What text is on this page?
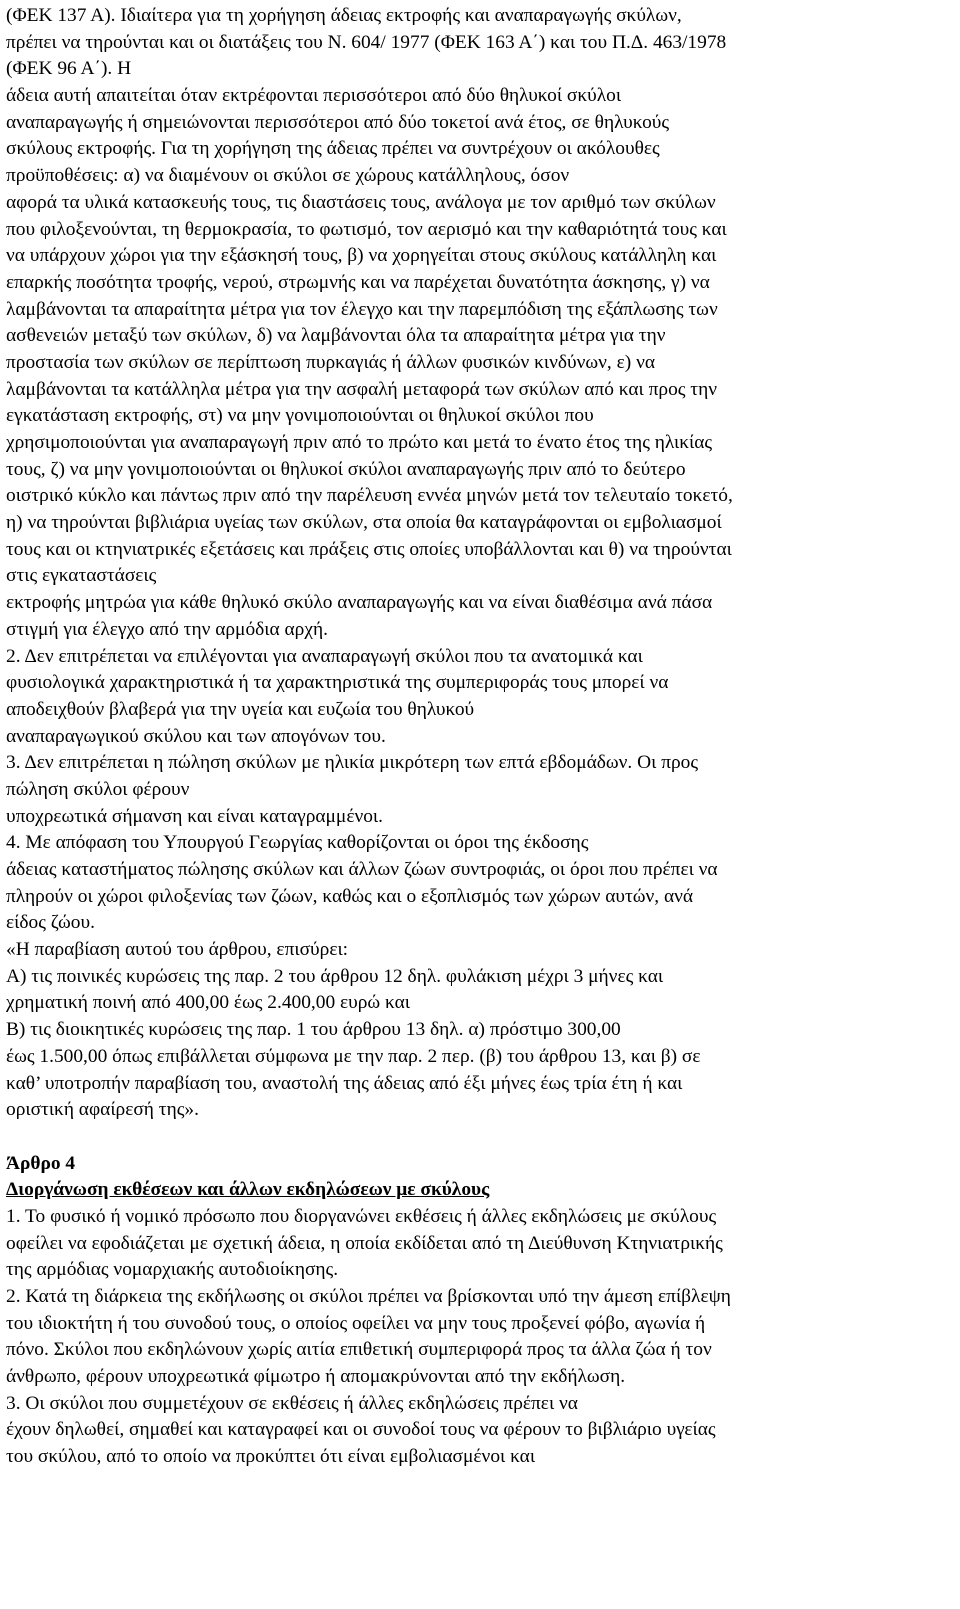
(ΦΕΚ 137 Α). Ιδιαίτερα για τη χορήγηση άδειας εκτροφής και αναπαραγωγής σκύλων,
πρέπει να τηρούνται και οι διατάξεις του Ν. 604/ 1977 (ΦΕΚ 163 Α΄) και του Π.Δ. 463/1978
(ΦΕΚ 96 Α΄). Η
άδεια αυτή απαιτείται όταν εκτρέφονται περισσότεροι από δύο θηλυκοί σκύλοι
αναπαραγωγής ή σημειώνονται περισσότεροι από δύο τοκετοί ανά έτος, σε θηλυκούς
σκύλους εκτροφής. Για τη χορήγηση της άδειας πρέπει να συντρέχουν οι ακόλουθες
προϋποθέσεις: α) να διαμένουν οι σκύλοι σε χώρους κατάλληλους, όσον
αφορά τα υλικά κατασκευής τους, τις διαστάσεις τους, ανάλογα με τον αριθμό των σκύλων
που φιλοξενούνται, τη θερμοκρασία, το φωτισμό, τον αερισμό και την καθαριότητά τους και
να υπάρχουν χώροι για την εξάσκησή τους, β) να χορηγείται στους σκύλους κατάλληλη και
επαρκής ποσότητα τροφής, νερού, στρωμνής και να παρέχεται δυνατότητα άσκησης, γ) να
λαμβάνονται τα απαραίτητα μέτρα για τον έλεγχο και την παρεμπόδιση της εξάπλωσης των
ασθενειών μεταξύ των σκύλων, δ) να λαμβάνονται όλα τα απαραίτητα μέτρα για την
προστασία των σκύλων σε περίπτωση πυρκαγιάς ή άλλων φυσικών κινδύνων, ε) να
λαμβάνονται τα κατάλληλα μέτρα για την ασφαλή μεταφορά των σκύλων από και προς την
εγκατάσταση εκτροφής, στ) να μην γονιμοποιούνται οι θηλυκοί σκύλοι που
χρησιμοποιούνται για αναπαραγωγή πριν από το πρώτο και μετά το ένατο έτος της ηλικίας
τους, ζ) να μην γονιμοποιούνται οι θηλυκοί σκύλοι αναπαραγωγής πριν από το δεύτερο
οιστρικό κύκλο και πάντως πριν από την παρέλευση εννέα μηνών μετά τον τελευταίο τοκετό,
η) να τηρούνται βιβλιάρια υγείας των σκύλων, στα οποία θα καταγράφονται οι εμβολιασμοί
τους και οι κτηνιατρικές εξετάσεις και πράξεις στις οποίες υποβάλλονται και θ) να τηρούνται
στις εγκαταστάσεις
εκτροφής μητρώα για κάθε θηλυκό σκύλο αναπαραγωγής και να είναι διαθέσιμα ανά πάσα
στιγμή για έλεγχο από την αρμόδια αρχή.
2. Δεν επιτρέπεται να επιλέγονται για αναπαραγωγή σκύλοι που τα ανατομικά και
φυσιολογικά χαρακτηριστικά ή τα χαρακτηριστικά της συμπεριφοράς τους μπορεί να
αποδειχθούν βλαβερά για την υγεία και ευζωία του θηλυκού
αναπαραγωγικού σκύλου και των απογόνων του.
3. Δεν επιτρέπεται η πώληση σκύλων με ηλικία μικρότερη των επτά εβδομάδων. Οι προς
πώληση σκύλοι φέρουν
υποχρεωτικά σήμανση και είναι καταγραμμένοι.
4. Με απόφαση του Υπουργού Γεωργίας καθορίζονται οι όροι της έκδοσης
άδειας καταστήματος πώλησης σκύλων και άλλων ζώων συντροφιάς, οι όροι που πρέπει να
πληρούν οι χώροι φιλοξενίας των ζώων, καθώς και ο εξοπλισμός των χώρων αυτών, ανά
είδος ζώου.
«Η παραβίαση αυτού του άρθρου, επισύρει:
Α) τις ποινικές κυρώσεις της παρ. 2 του άρθρου 12 δηλ. φυλάκιση μέχρι 3 μήνες και
χρηματική ποινή από 400,00 έως 2.400,00 ευρώ και
Β) τις διοικητικές κυρώσεις της παρ. 1 του άρθρου 13 δηλ. α) πρόστιμο 300,00
έως 1.500,00 όπως επιβάλλεται σύμφωνα με την παρ. 2 περ. (β) του άρθρου 13, και β) σε
καθ’ υποτροπήν παραβίαση του, αναστολή της άδειας από έξι μήνες έως τρία έτη ή και
οριστική αφαίρεσή της».
Άρθρο 4
Διοργάνωση εκθέσεων και άλλων εκδηλώσεων με σκύλους
1. Το φυσικό ή νομικό πρόσωπο που διοργανώνει εκθέσεις ή άλλες εκδηλώσεις με σκύλους
οφείλει να εφοδιάζεται με σχετική άδεια, η οποία εκδίδεται από τη Διεύθυνση Κτηνιατρικής
της αρμόδιας νομαρχιακής αυτοδιοίκησης.
2. Κατά τη διάρκεια της εκδήλωσης οι σκύλοι πρέπει να βρίσκονται υπό την άμεση επίβλεψη
του ιδιοκτήτη ή του συνοδού τους, ο οποίος οφείλει να μην τους προξενεί φόβο, αγωνία ή
πόνο. Σκύλοι που εκδηλώνουν χωρίς αιτία επιθετική συμπεριφορά προς τα άλλα ζώα ή τον
άνθρωπο, φέρουν υποχρεωτικά φίμωτρο ή απομακρύνονται από την εκδήλωση.
3. Οι σκύλοι που συμμετέχουν σε εκθέσεις ή άλλες εκδηλώσεις πρέπει να
έχουν δηλωθεί, σημαθεί και καταγραφεί και οι συνοδοί τους να φέρουν το βιβλιάριο υγείας
του σκύλου, από το οποίο να προκύπτει ότι είναι εμβολιασμένοι και
